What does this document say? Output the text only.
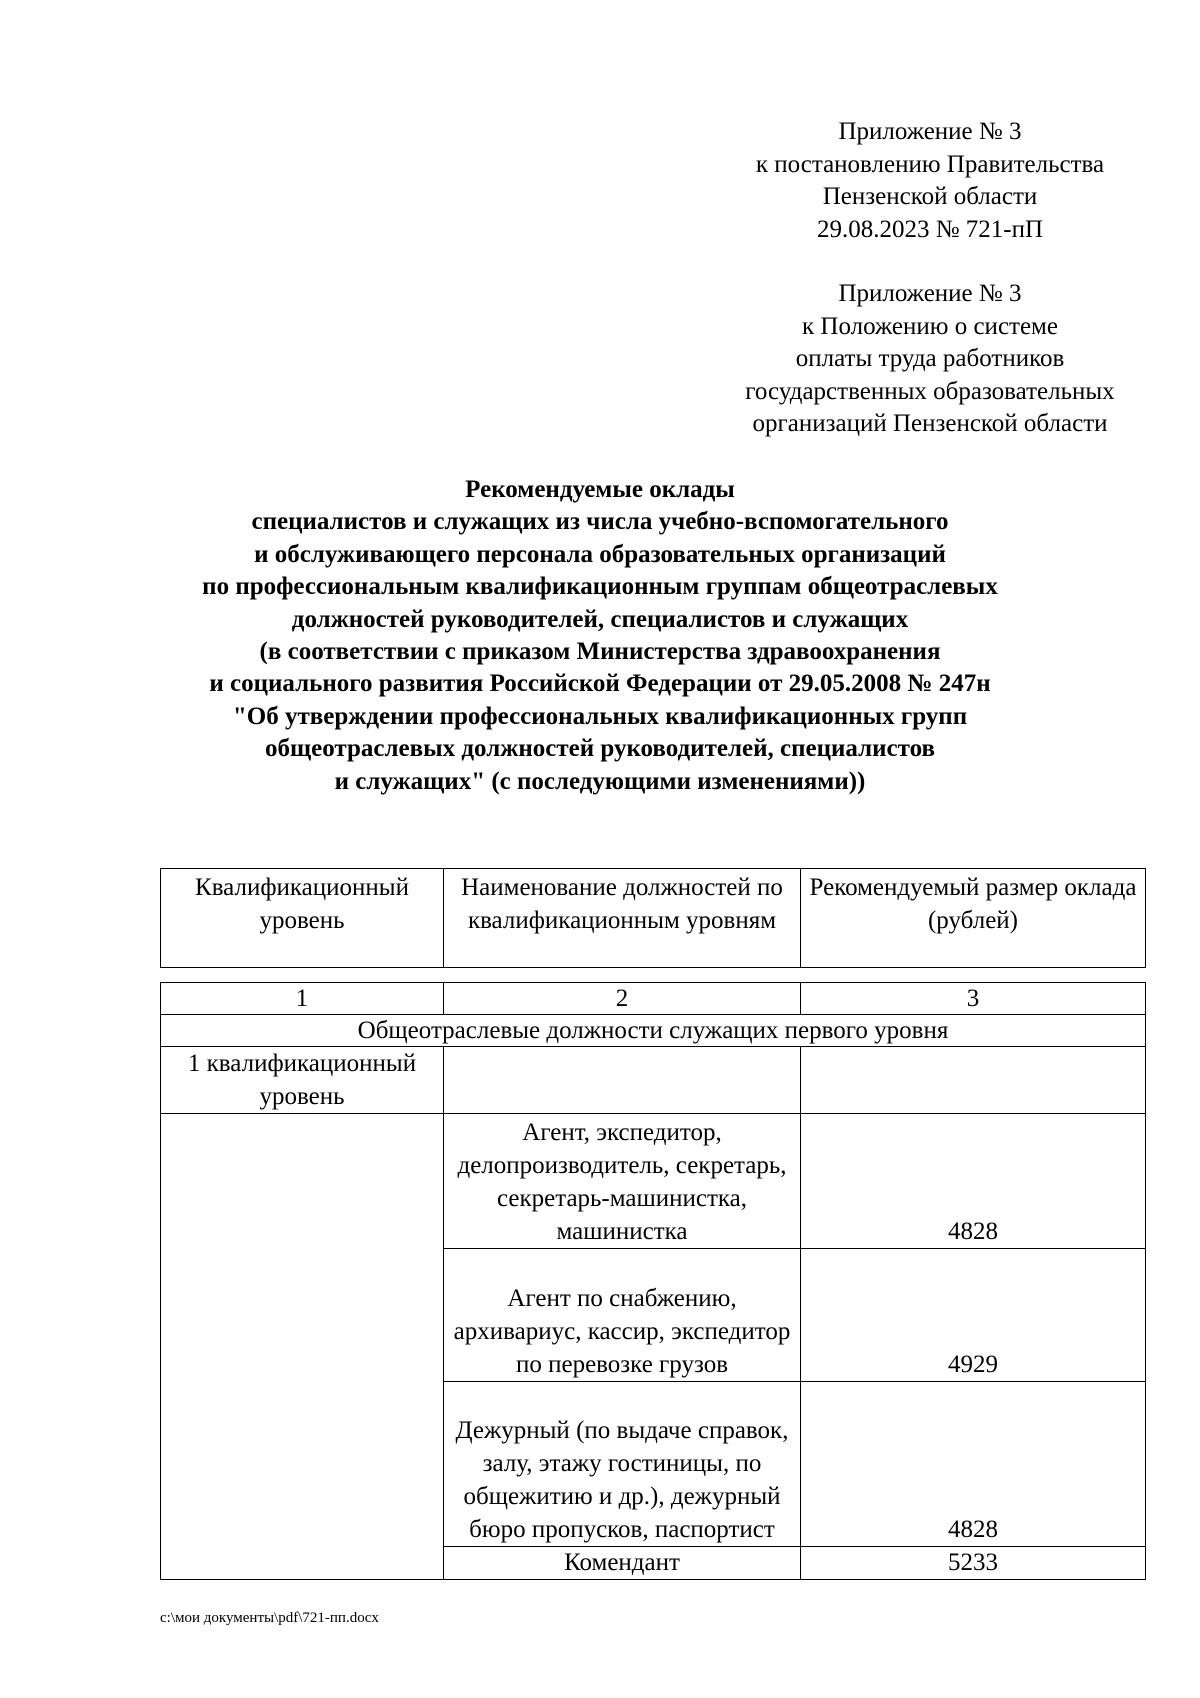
Приложение № 3
к постановлению Правительства
Пензенской области
29.08.2023 № 721-пП
Приложение № 3
к Положению о системе
оплаты труда работников
государственных образовательных
организаций Пензенской области
Рекомендуемые оклады
специалистов и служащих из числа учебно-вспомогательного
и обслуживающего персонала образовательных организаций
по профессиональным квалификационным группам общеотраслевых
должностей руководителей, специалистов и служащих
(в соответствии с приказом Министерства здравоохранения
и социального развития Российской Федерации от 29.05.2008 № 247н
"Об утверждении профессиональных квалификационных групп
общеотраслевых должностей руководителей, специалистов
и служащих" (с последующими изменениями))
Квалификационный уровень	Наименование должностей по квалификационным уровням	Рекомендуемый размер оклада (рублей)
1	2	3
Общеотраслевые должности служащих первого уровня		
1 квалификационный уровень		
	Агент, экспедитор, делопроизводитель, секретарь, секретарь-машинистка, машинистка	4828
	Агент по снабжению, архивариус, кассир, экспедитор по перевозке грузов	4929
	Дежурный (по выдаче справок, залу, этажу гостиницы, по общежитию и др.), дежурный бюро пропусков, паспортист	4828
	Комендант	5233
c:\мои документы\pdf\721-пп.docx
